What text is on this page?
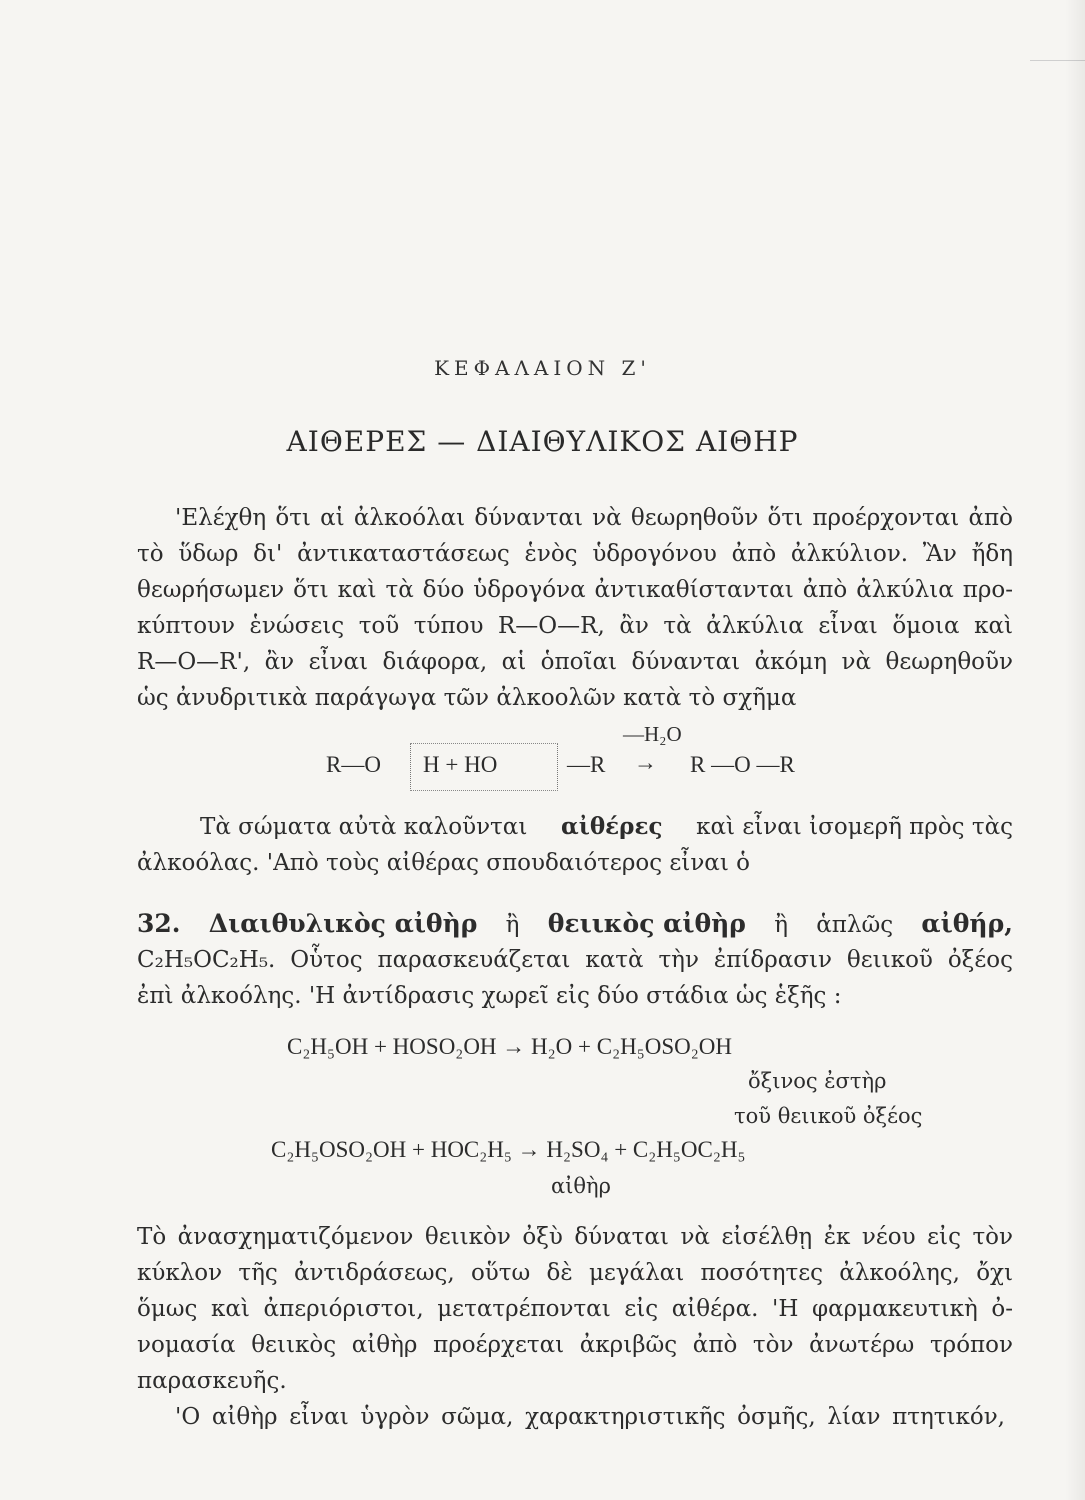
ΚΕΦΑΛΑΙΟΝ Ζ'
ΑΙΘΕΡΕΣ — ΔΙΑΙΘΥΛΙΚΟΣ ΑΙΘΗΡ
'Ελέχθη ὅτι αἱ ἀλκοόλαι δύνανται νὰ θεωρηθοῦν ὅτι προέρχονται ἀπὸ
τὸ ὕδωρ δι' ἀντικαταστάσεως ἑνὸς ὑδρογόνου ἀπὸ ἀλκύλιον. Ἂν ἤδη
θεωρήσωμεν ὅτι καὶ τὰ δύο ὑδρογόνα ἀντικαθίστανται ἀπὸ ἀλκύλια προ-
κύπτουν ἑνώσεις τοῦ τύπου R—O—R, ἂν τὰ ἀλκύλια εἶναι ὅμοια καὶ
R—O—R', ἂν εἶναι διάφορα, αἱ ὁποῖαι δύνανται ἀκόμη νὰ θεωρηθοῦν
ὡς ἀνυδριτικὰ παράγωγα τῶν ἀλκοολῶν κατὰ τὸ σχῆμα
—H₂O
R—O H + HO	—R → R —O —R
Τὰ σώματα αὐτὰ καλοῦνται αἰθέρες καὶ εἶναι ἰσομερῆ πρὸς τὰς
ἀλκοόλας. 'Απὸ τοὺς αἰθέρας σπουδαιότερος εἶναι ὁ
32. Διαιθυλικὸς αἰθὴρ ἢ θειικὸς αἰθὴρ ἢ ἁπλῶς αἰθήρ,
C₂H₅OC₂H₅. Οὗτος παρασκευάζεται κατὰ τὴν ἐπίδρασιν θειικοῦ ὀξέος
ἐπὶ ἀλκοόλης. 'Η ἀντίδρασις χωρεῖ εἰς δύο στάδια ὡς ἑξῆς :
C₂H₅OH + HOSO₂OH → H₂O + C₂H₅OSO₂OH
ὄξινος ἐστὴρ
τοῦ θειικοῦ ὀξέος
C₂H₅OSO₂OH + HOC₂H₅ → H₂SO₄ + C₂H₅OC₂H₅
αἰθὴρ
Τὸ ἀνασχηματιζόμενον θειικὸν ὀξὺ δύναται νὰ εἰσέλθῃ ἐκ νέου εἰς τὸν
κύκλον τῆς ἀντιδράσεως, οὕτω δὲ μεγάλαι ποσότητες ἀλκοόλης, ὄχι
ὅμως καὶ ἀπεριόριστοι, μετατρέπονται εἰς αἰθέρα. 'Η φαρμακευτικὴ ὀ-
νομασία θειικὸς αἰθὴρ προέρχεται ἀκριβῶς ἀπὸ τὸν ἀνωτέρω τρόπον
παρασκευῆς.
'Ο αἰθὴρ εἶναι ὑγρὸν σῶμα, χαρακτηριστικῆς ὀσμῆς, λίαν πτητικόν,
